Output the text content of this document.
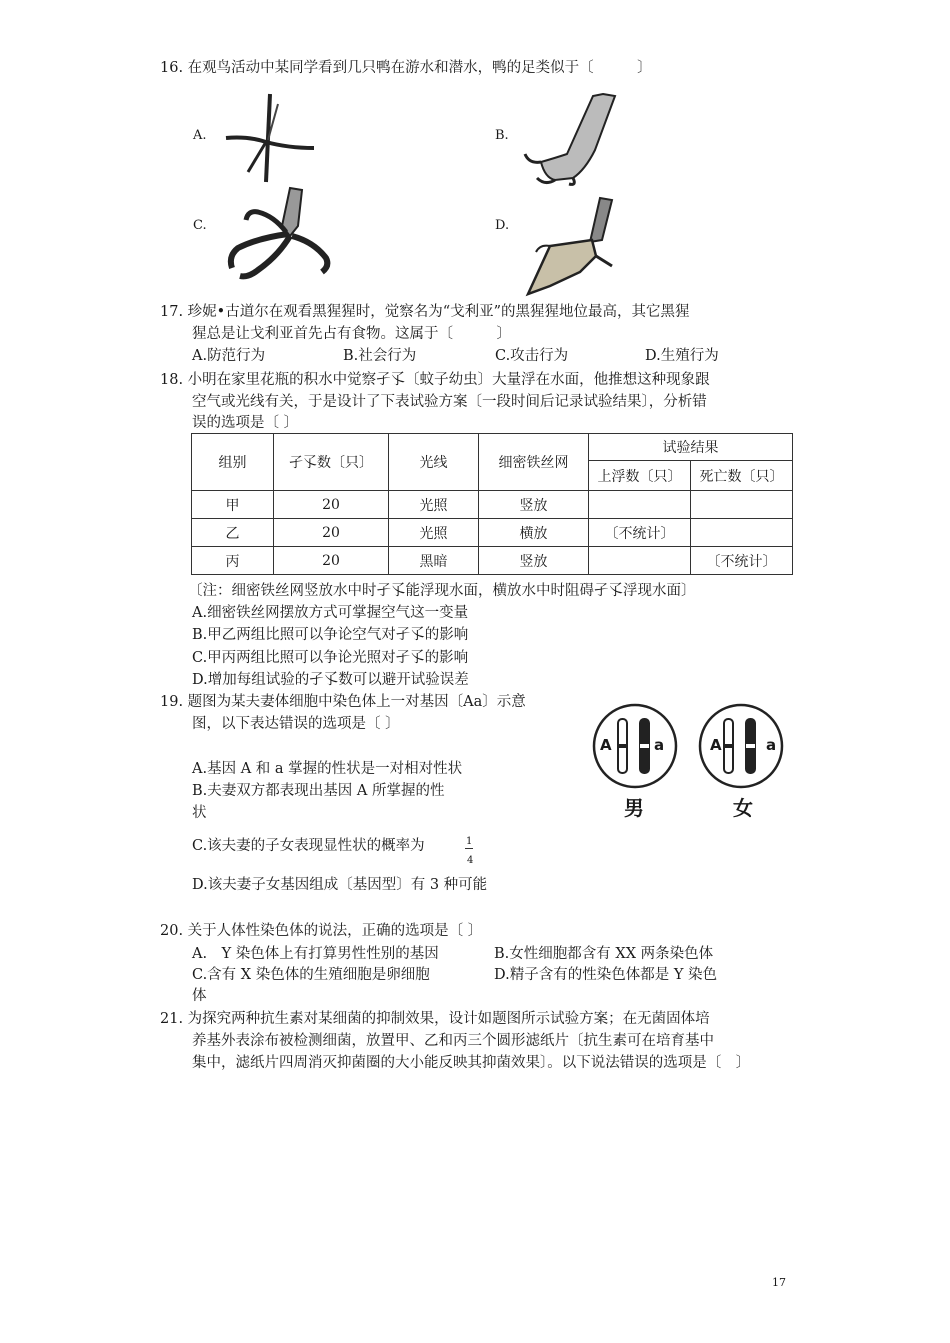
16. 在观鸟活动中某同学看到几只鸭在游水和潜水，鸭的足类似于〔　　　〕
A.	B.
C.	D.
17. 珍妮•古道尔在观看黑猩猩时，觉察名为“戈利亚”的黑猩猩地位最高，其它黑猩
猩总是让戈利亚首先占有食物。这属于〔　　　〕
A.防范行为	B.社会行为	C.攻击行为	D.生殖行为
18. 小明在家里花瓶的积水中觉察孑孓〔蚊子幼虫〕大量浮在水面，他推想这种现象跟
空气或光线有关，于是设计了下表试验方案〔一段时间后记录试验结果〕，分析错
误的选项是〔 〕
组别	孑孓数〔只〕	光线	细密铁丝网	试验结果	
				上浮数〔只〕	死亡数〔只〕
甲	20	光照	竖放		
乙	20	光照	横放	〔不统计〕	
丙	20	黑暗	竖放		〔不统计〕
〔注：细密铁丝网竖放水中时孑孓能浮现水面，横放水中时阻碍孑孓浮现水面〕
A.细密铁丝网摆放方式可掌握空气这一变量
B.甲乙两组比照可以争论空气对孑孓的影响
C.甲丙两组比照可以争论光照对孑孓的影响
D.增加每组试验的孑孓数可以避开试验误差
19. 题图为某夫妻体细胞中染色体上一对基因〔Aa〕示意
图，以下表达错误的选项是〔 〕
A.基因 A 和 a 掌握的性状是一对相对性状
B.夫妻双方都表现出基因 A 所掌握的性
状
C.该夫妻的子女表现显性状的概率为	1
4
D.该夫妻子女基因组成〔基因型〕有 3 种可能
A	a	A	a
男	女
20. 关于人体性染色体的说法，正确的选项是〔 〕
A.　Y 染色体上有打算男性性别的基因	B.女性细胞都含有 XX 两条染色体
C.含有 X 染色体的生殖细胞是卵细胞
体
D.精子含有的性染色体都是 Y 染色
21. 为探究两种抗生素对某细菌的抑制效果，设计如题图所示试验方案；在无菌固体培
养基外表涂布被检测细菌，放置甲、乙和丙三个圆形滤纸片〔抗生素可在培育基中
集中，滤纸片四周消灭抑菌圈的大小能反映其抑菌效果〕。以下说法错误的选项是〔　〕
17
